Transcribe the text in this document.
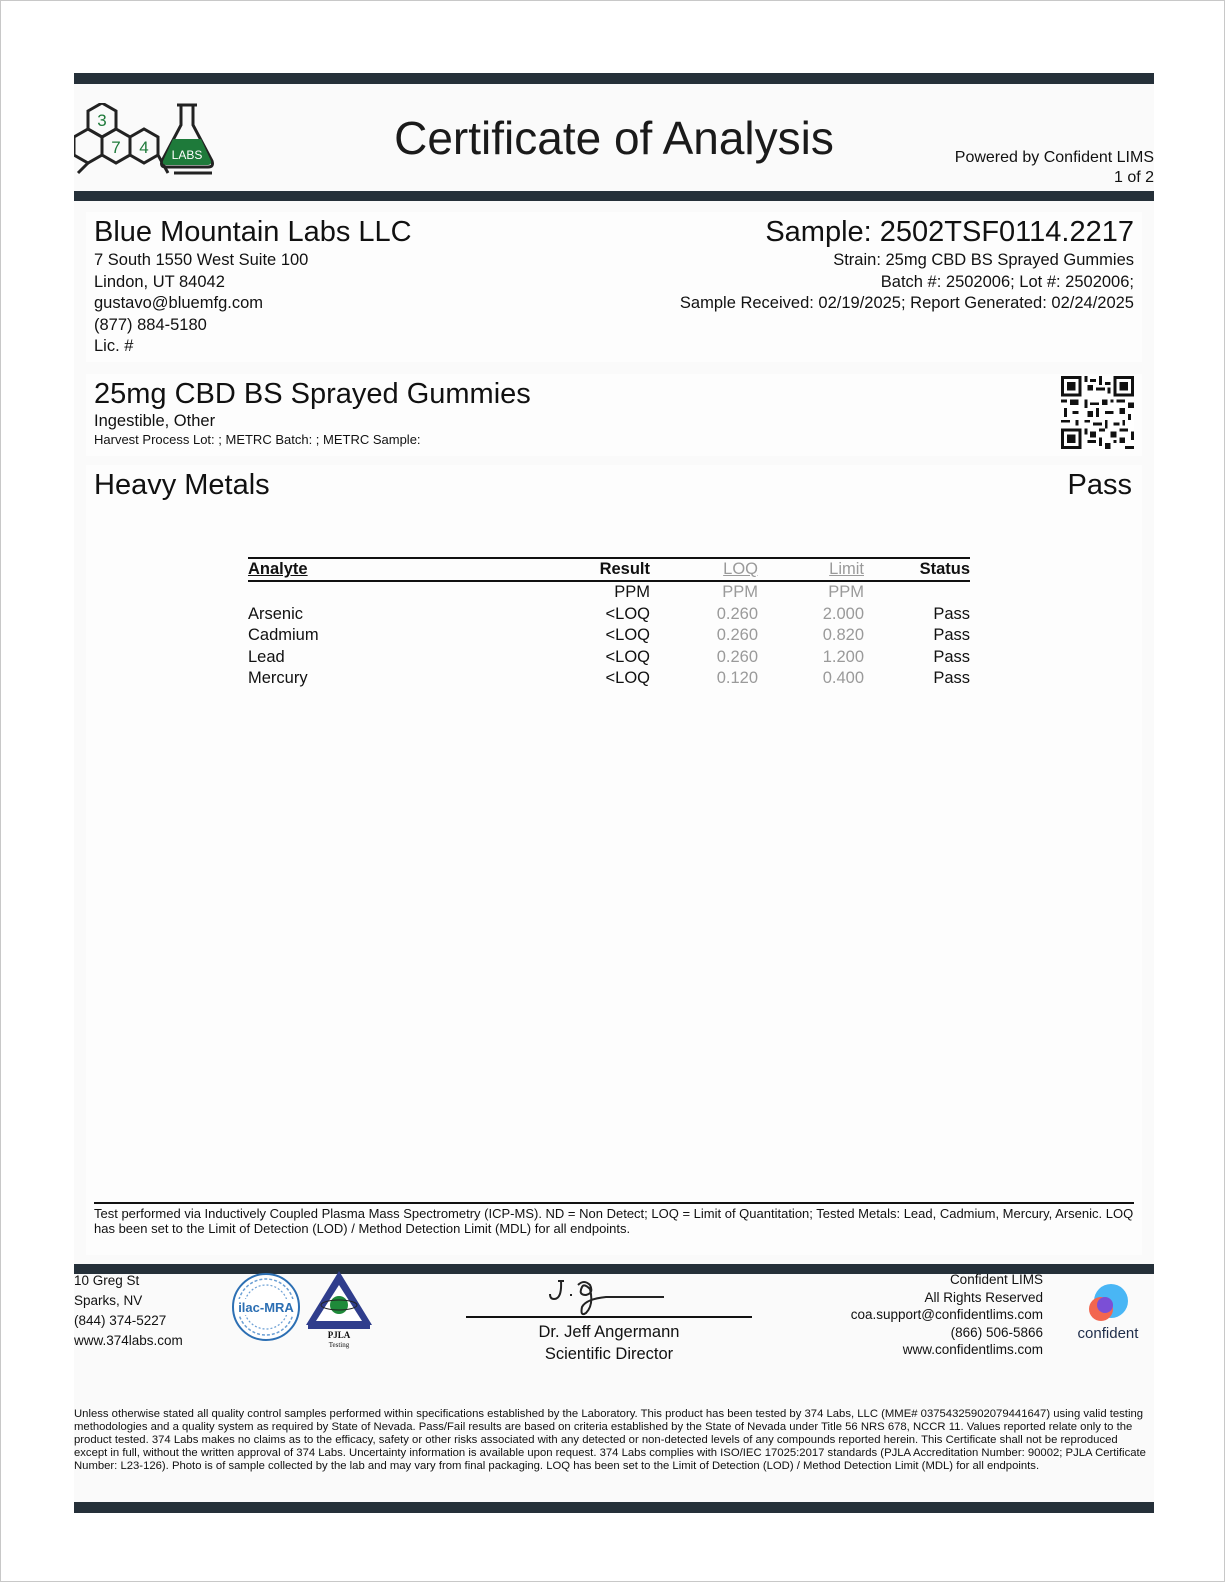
3
7 4 LABS	Certificate of Analysis	Powered by Confident LIMS
1 of 2
Blue Mountain Labs LLC
7 South 1550 West Suite 100
Lindon, UT 84042
gustavo@bluemfg.com
(877) 884-5180
Lic. #
Sample: 2502TSF0114.2217
Strain: 25mg CBD BS Sprayed Gummies
Batch #: 2502006; Lot #: 2502006;
Sample Received: 02/19/2025; Report Generated: 02/24/2025
25mg CBD BS Sprayed Gummies
Ingestible, Other
Harvest Process Lot: ; METRC Batch: ; METRC Sample:
Heavy Metals	Pass
Analyte	Result	LOQ	Limit	Status
	PPM	PPM	PPM	
Arsenic	<LOQ	0.260	2.000	Pass
Cadmium	<LOQ	0.260	0.820	Pass
Lead	<LOQ	0.260	1.200	Pass
Mercury	<LOQ	0.120	0.400	Pass
Test performed via Inductively Coupled Plasma Mass Spectrometry (ICP-MS). ND = Non Detect; LOQ = Limit of Quantitation; Tested Metals: Lead, Cadmium, Mercury, Arsenic. LOQ has been set to the Limit of Detection (LOD) / Method Detection Limit (MDL) for all endpoints.
10 Greg St
Sparks, NV
(844) 374-5227
www.374labs.com
ilac-MRA
PJLA
Testing
Dr. Jeff Angermann
Scientific Director
Confident LIMS
All Rights Reserved
coa.support@confidentlims.com
(866) 506-5866
www.confidentlims.com
confident
Unless otherwise stated all quality control samples performed within specifications established by the Laboratory. This product has been tested by 374 Labs, LLC (MME# 03754325902079441647) using valid testing methodologies and a quality system as required by State of Nevada. Pass/Fail results are based on criteria established by the State of Nevada under Title 56 NRS 678, NCCR 11. Values reported relate only to the product tested. 374 Labs makes no claims as to the efficacy, safety or other risks associated with any detected or non-detected levels of any compounds reported herein. This Certificate shall not be reproduced except in full, without the written approval of 374 Labs. Uncertainty information is available upon request. 374 Labs complies with ISO/IEC 17025:2017 standards (PJLA Accreditation Number: 90002; PJLA Certificate Number: L23-126). Photo is of sample collected by the lab and may vary from final packaging. LOQ has been set to the Limit of Detection (LOD) / Method Detection Limit (MDL) for all endpoints.
